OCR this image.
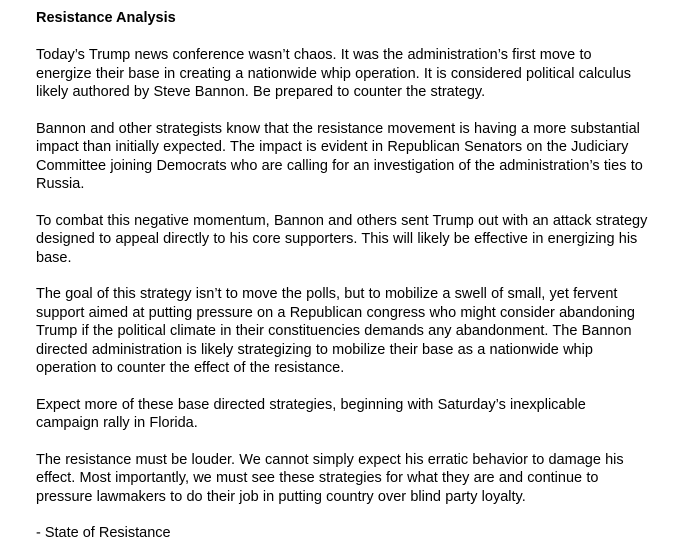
Resistance Analysis

Today’s Trump news conference wasn’t chaos. It was the administration’s first move to energize their base in creating a nationwide whip operation. It is considered political calculus likely authored by Steve Bannon. Be prepared to counter the strategy.

Bannon and other strategists know that the resistance movement is having a more substantial impact than initially expected. The impact is evident in Republican Senators on the Judiciary Committee joining Democrats who are calling for an investigation of the administration’s ties to Russia.

To combat this negative momentum, Bannon and others sent Trump out with an attack strategy designed to appeal directly to his core supporters. This will likely be effective in energizing his base.

The goal of this strategy isn’t to move the polls, but to mobilize a swell of small, yet fervent support aimed at putting pressure on a Republican congress who might consider abandoning Trump if the political climate in their constituencies demands any abandonment. The Bannon directed administration is likely strategizing to mobilize their base as a nationwide whip operation to counter the effect of the resistance.

Expect more of these base directed strategies, beginning with Saturday’s inexplicable campaign rally in Florida.

The resistance must be louder. We cannot simply expect his erratic behavior to damage his effect. Most importantly, we must see these strategies for what they are and continue to pressure lawmakers to do their job in putting country over blind party loyalty.

- State of Resistance
